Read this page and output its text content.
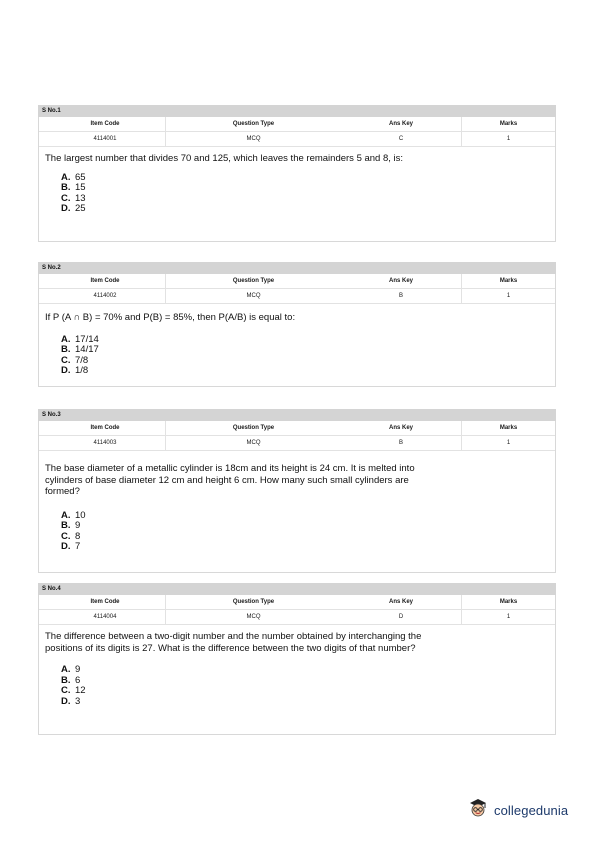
S No.1
	Item Code	Question Type	Ans Key	Marks
	4114001	MCQ	C	1
The largest number that divides 70 and 125, which leaves the remainders 5 and 8, is:
A. 65
B. 15
C. 13
D. 25
S No.2
	Item Code	Question Type	Ans Key	Marks
	4114002	MCQ	B	1
If P (A ∩ B) = 70% and P(B) = 85%, then P(A/B) is equal to:
A. 17/14
B. 14/17
C. 7/8
D. 1/8
S No.3
	Item Code	Question Type	Ans Key	Marks
	4114003	MCQ	B	1
The base diameter of a metallic cylinder is 18cm and its height is 24 cm. It is melted into cylinders of base diameter 12 cm and height 6 cm. How many such small cylinders are formed?
A. 10
B. 9
C. 8
D. 7
S No.4
	Item Code	Question Type	Ans Key	Marks
	4114004	MCQ	D	1
The difference between a two-digit number and the number obtained by interchanging the positions of its digits is 27. What is the difference between the two digits of that number?
A. 9
B. 6
C. 12
D. 3
collegedunia
